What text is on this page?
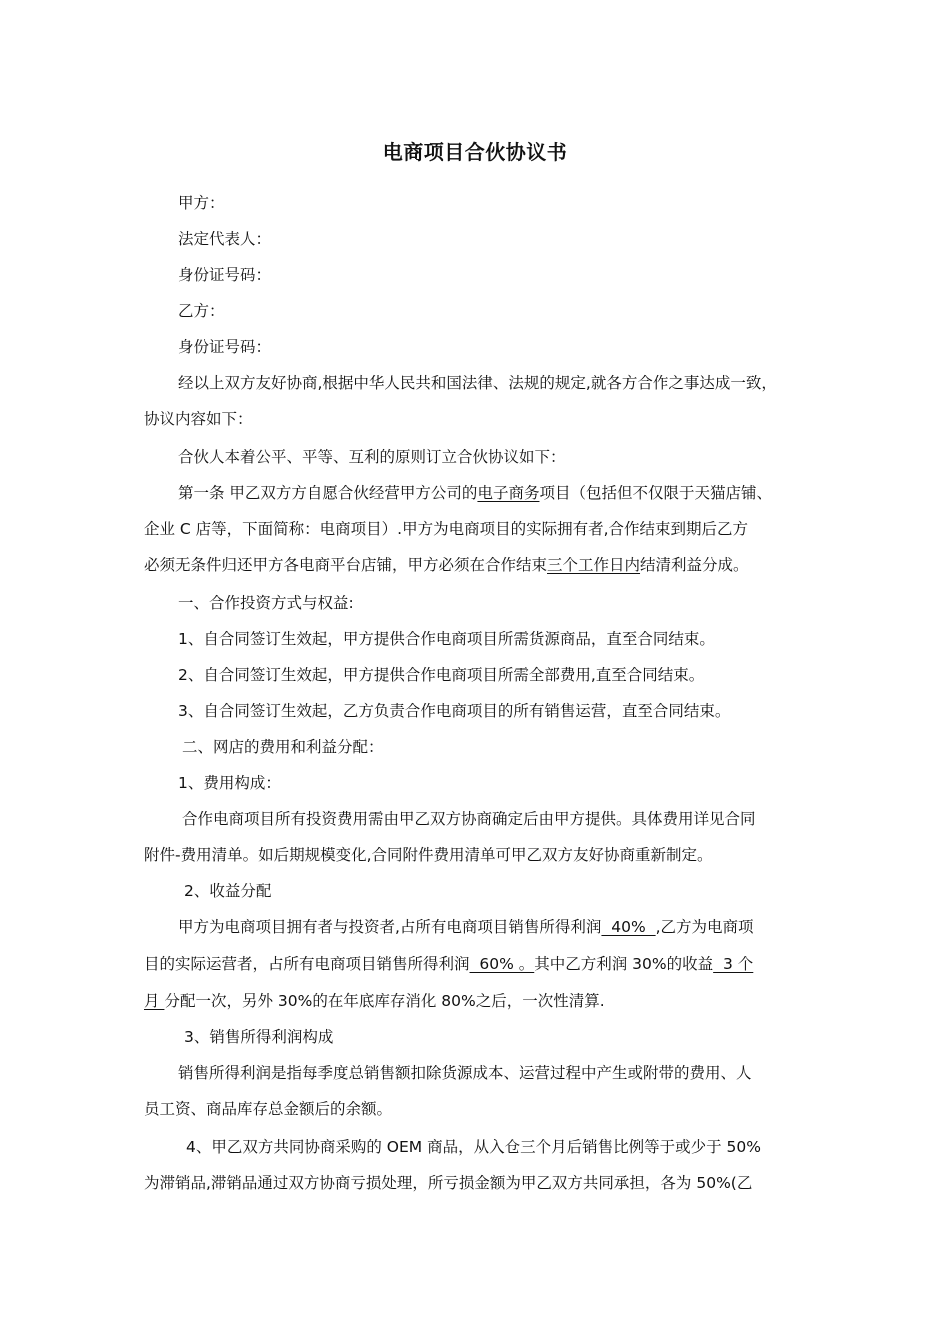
电商项目合伙协议书
甲方：
法定代表人：
身份证号码：
乙方：
身份证号码：
经以上双方友好协商,根据中华人民共和国法律、法规的规定,就各方合作之事达成一致，
协议内容如下：
合伙人本着公平、平等、互利的原则订立合伙协议如下：
第一条 甲乙双方方自愿合伙经营甲方公司的电子商务项目（包括但不仅限于天猫店铺、
企业 C 店等，下面简称：电商项目）.甲方为电商项目的实际拥有者,合作结束到期后乙方
必须无条件归还甲方各电商平台店铺，甲方必须在合作结束三个工作日内结清利益分成。
一、合作投资方式与权益:
1、自合同签订生效起，甲方提供合作电商项目所需货源商品，直至合同结束。
2、自合同签订生效起，甲方提供合作电商项目所需全部费用,直至合同结束。
3、自合同签订生效起，乙方负责合作电商项目的所有销售运营，直至合同结束。
二、网店的费用和利益分配：
1、费用构成：
合作电商项目所有投资费用需由甲乙双方协商确定后由甲方提供。具体费用详见合同
附件-费用清单。如后期规模变化,合同附件费用清单可甲乙双方友好协商重新制定。
2、收益分配
甲方为电商项目拥有者与投资者,占所有电商项目销售所得利润  40%  ,乙方为电商项
目的实际运营者，占所有电商项目销售所得利润  60% 。其中乙方利润 30%的收益  3 个
月 分配一次，另外 30%的在年底库存消化 80%之后，一次性清算.
3、销售所得利润构成
销售所得利润是指每季度总销售额扣除货源成本、运营过程中产生或附带的费用、人
员工资、商品库存总金额后的余额。
4、甲乙双方共同协商采购的 OEM 商品，从入仓三个月后销售比例等于或少于 50%
为滞销品,滞销品通过双方协商亏损处理，所亏损金额为甲乙双方共同承担，各为 50%(乙
